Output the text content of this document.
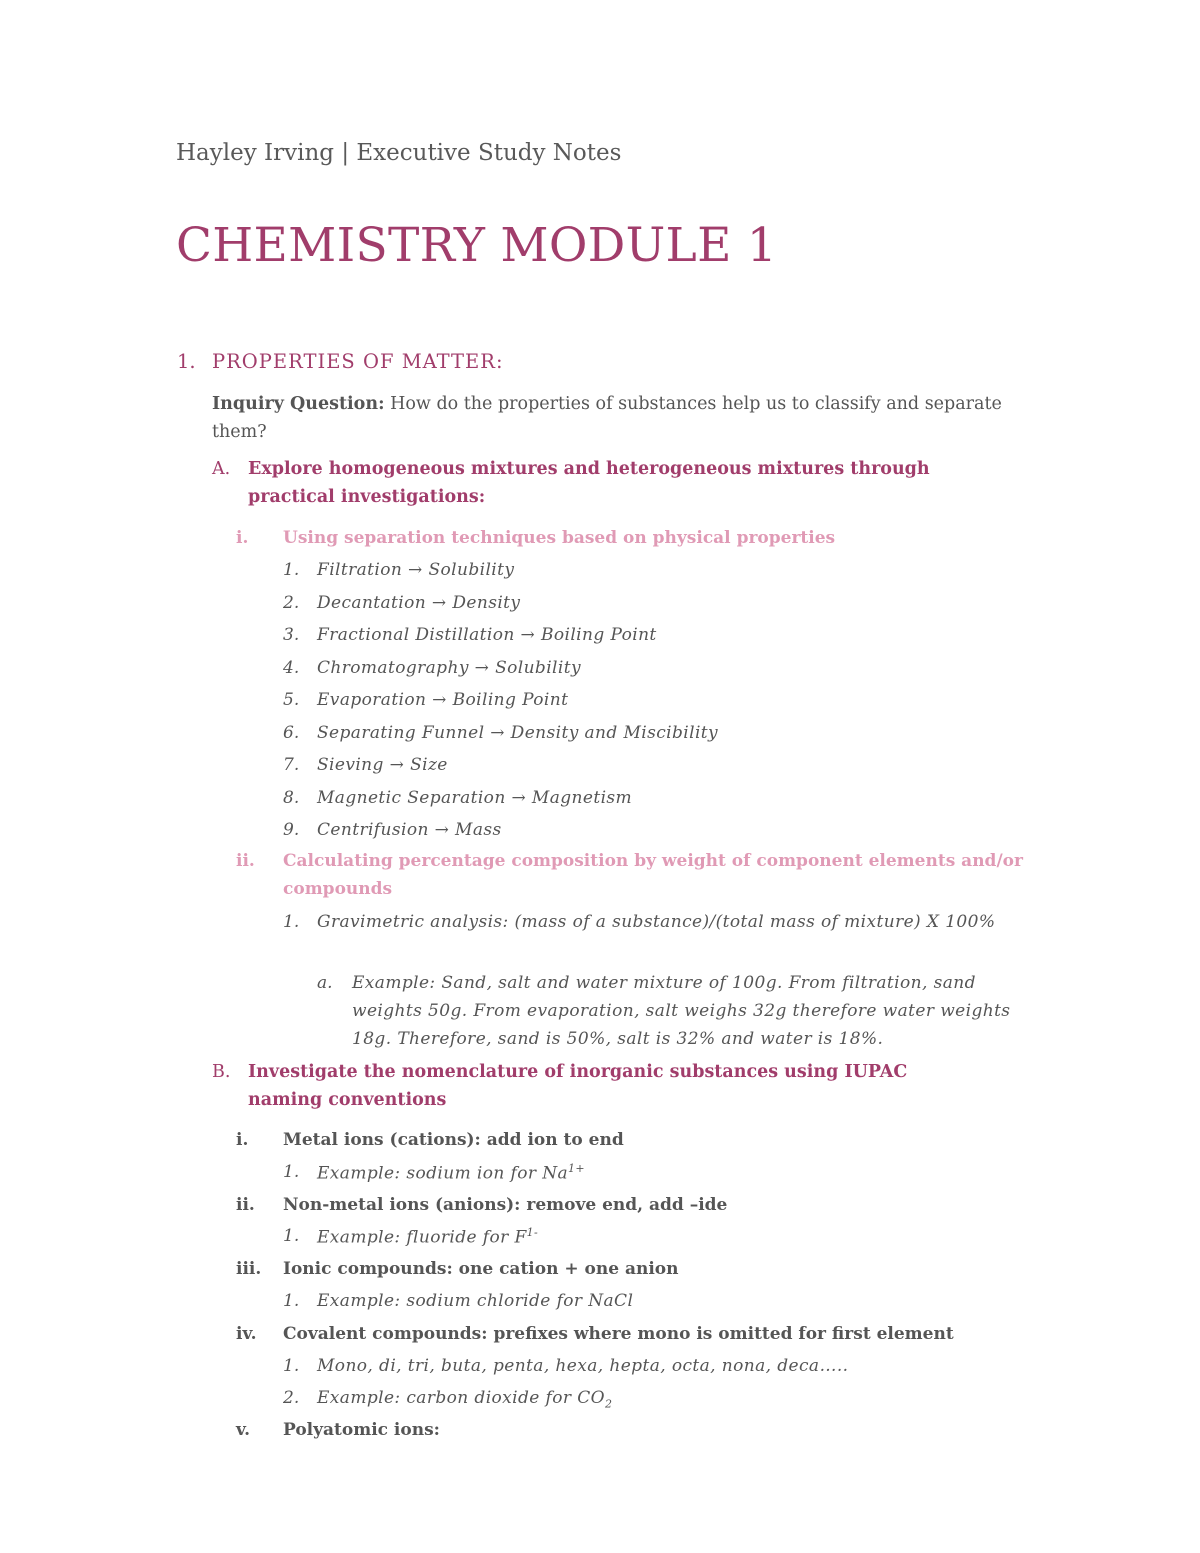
Hayley Irving | Executive Study Notes
CHEMISTRY MODULE 1
1. PROPERTIES OF MATTER:
Inquiry Question: How do the properties of substances help us to classify and separate them?
A. Explore homogeneous mixtures and heterogeneous mixtures through practical investigations:
i. Using separation techniques based on physical properties
1. Filtration → Solubility
2. Decantation → Density
3. Fractional Distillation → Boiling Point
4. Chromatography → Solubility
5. Evaporation → Boiling Point
6. Separating Funnel → Density and Miscibility
7. Sieving → Size
8. Magnetic Separation → Magnetism
9. Centrifusion → Mass
ii. Calculating percentage composition by weight of component elements and/or compounds
1. Gravimetric analysis: (mass of a substance)/(total mass of mixture) X 100%
a. Example: Sand, salt and water mixture of 100g. From filtration, sand weights 50g. From evaporation, salt weighs 32g therefore water weights 18g. Therefore, sand is 50%, salt is 32% and water is 18%.
B. Investigate the nomenclature of inorganic substances using IUPAC naming conventions
i. Metal ions (cations): add ion to end
1. Example: sodium ion for $Na^{1+}$
ii. Non-metal ions (anions): remove end, add –ide
1. Example: fluoride for $F^{1-}$
iii. Ionic compounds: one cation + one anion
1. Example: sodium chloride for NaCl
iv. Covalent compounds: prefixes where mono is omitted for first element
1. Mono, di, tri, buta, penta, hexa, hepta, octa, nona, deca…..
2. Example: carbon dioxide for $CO_2$
v. Polyatomic ions:
